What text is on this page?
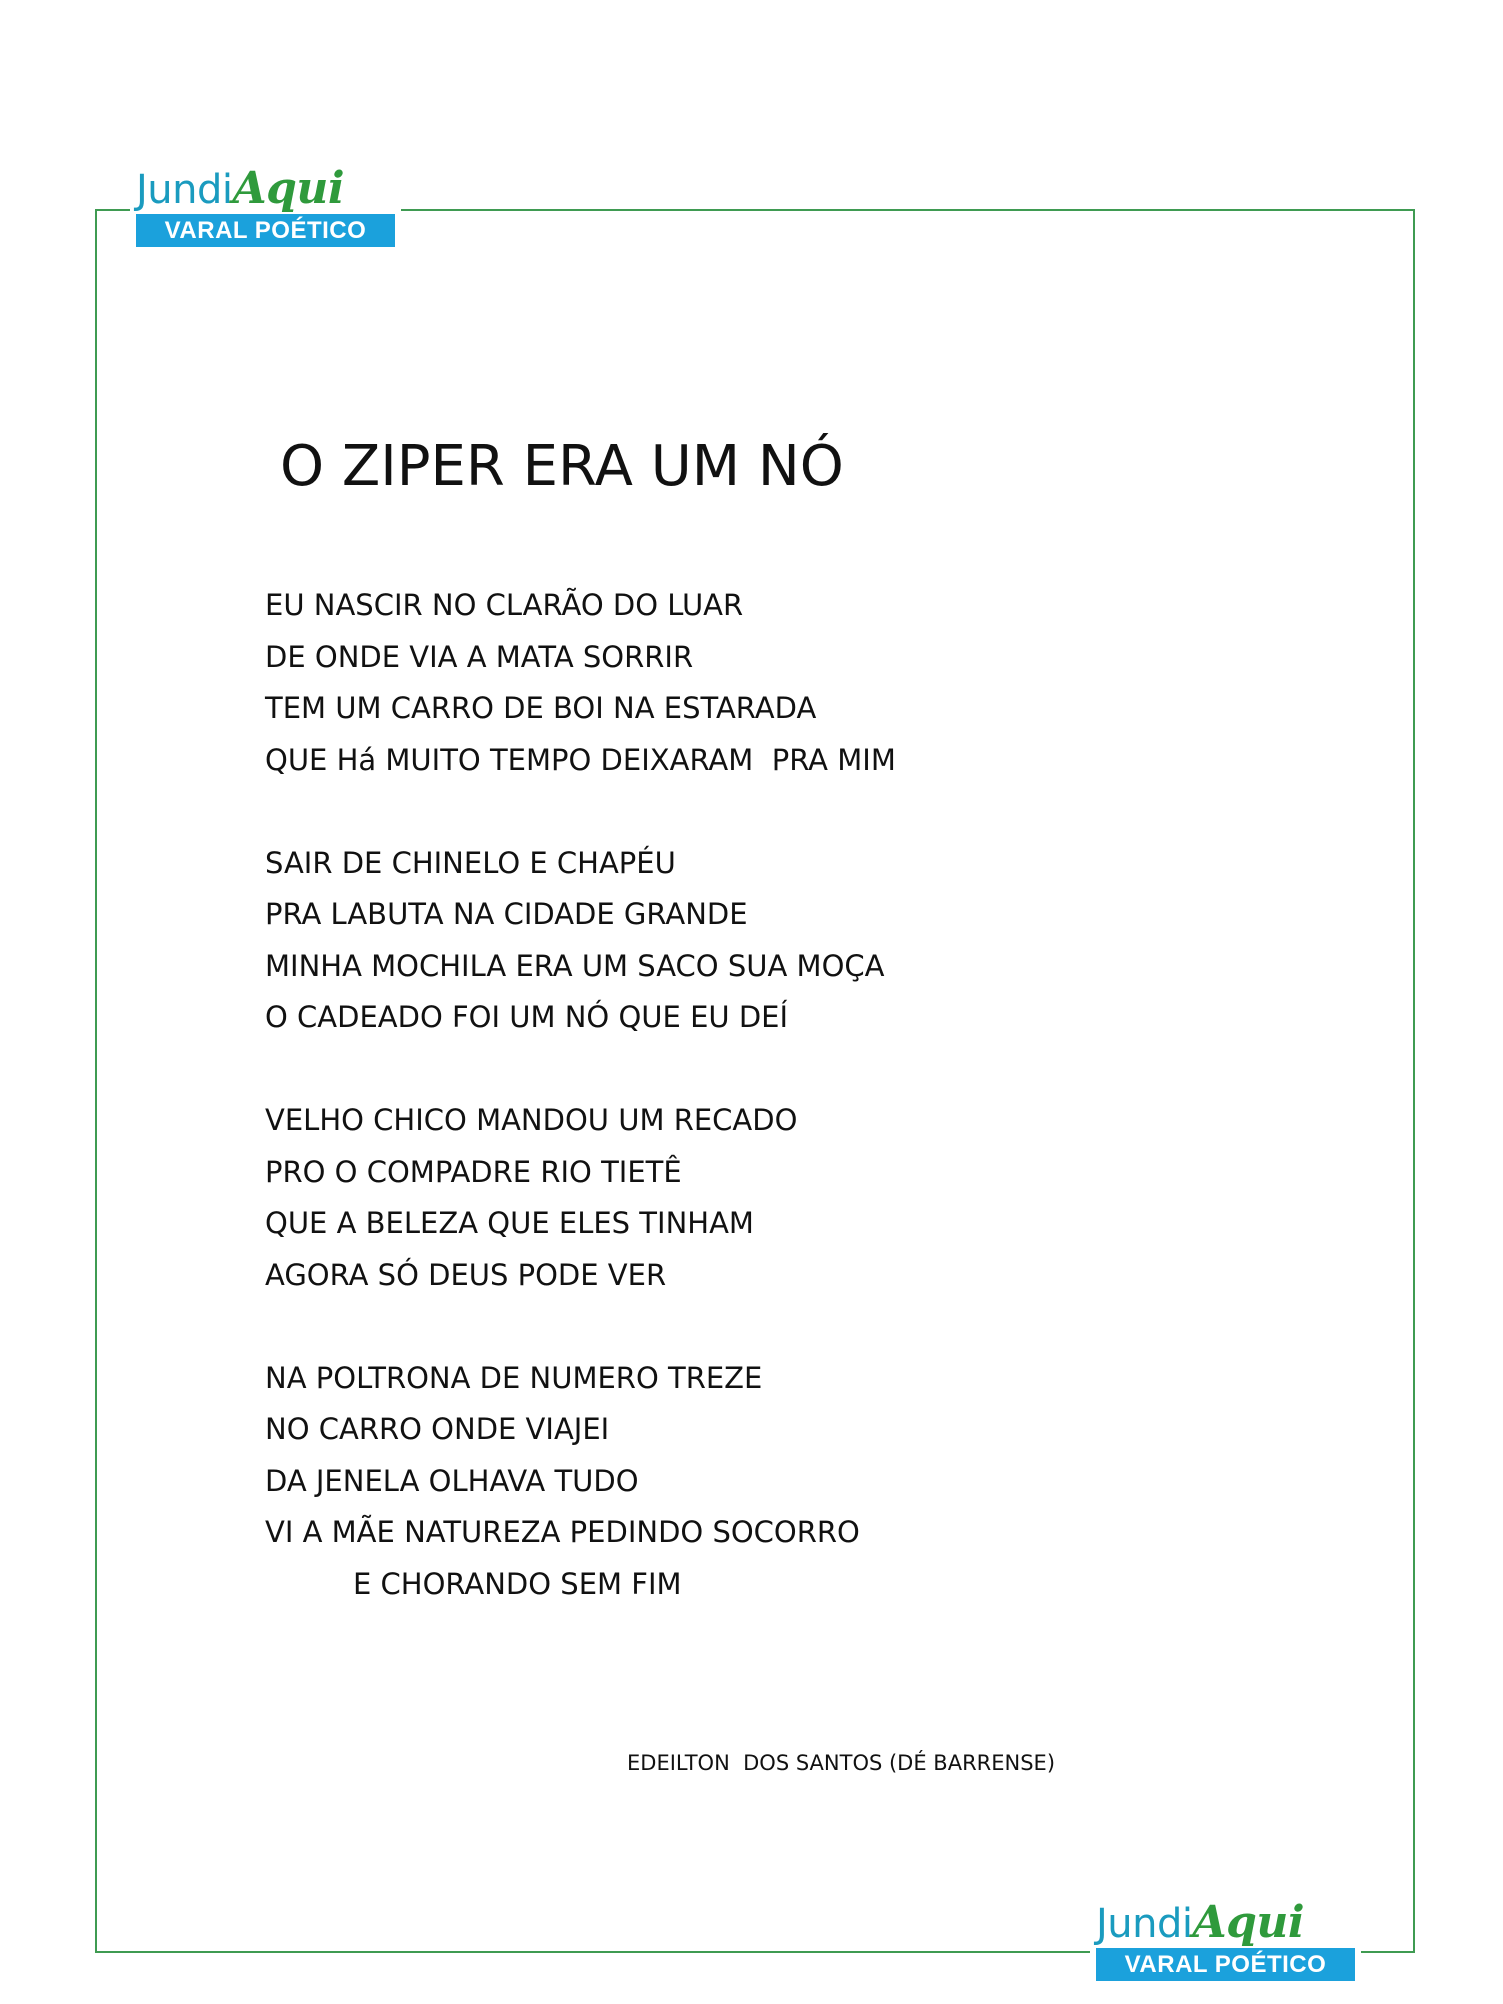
JundiAqui
VARAL POÉTICO
O ZIPER ERA UM NÓ
EU NASCIR NO CLARÃO DO LUAR
DE ONDE VIA A MATA SORRIR
TEM UM CARRO DE BOI NA ESTARADA
QUE Há MUITO TEMPO DEIXARAM  PRA MIM
SAIR DE CHINELO E CHAPÉU
PRA LABUTA NA CIDADE GRANDE
MINHA MOCHILA ERA UM SACO SUA MOÇA
O CADEADO FOI UM NÓ QUE EU DEÍ
VELHO CHICO MANDOU UM RECADO
PRO O COMPADRE RIO TIETÊ
QUE A BELEZA QUE ELES TINHAM
AGORA SÓ DEUS PODE VER
NA POLTRONA DE NUMERO TREZE
NO CARRO ONDE VIAJEI
DA JENELA OLHAVA TUDO
VI A MÃE NATUREZA PEDINDO SOCORRO
E CHORANDO SEM FIM
EDEILTON  DOS SANTOS (DÉ BARRENSE)
JundiAqui
VARAL POÉTICO
